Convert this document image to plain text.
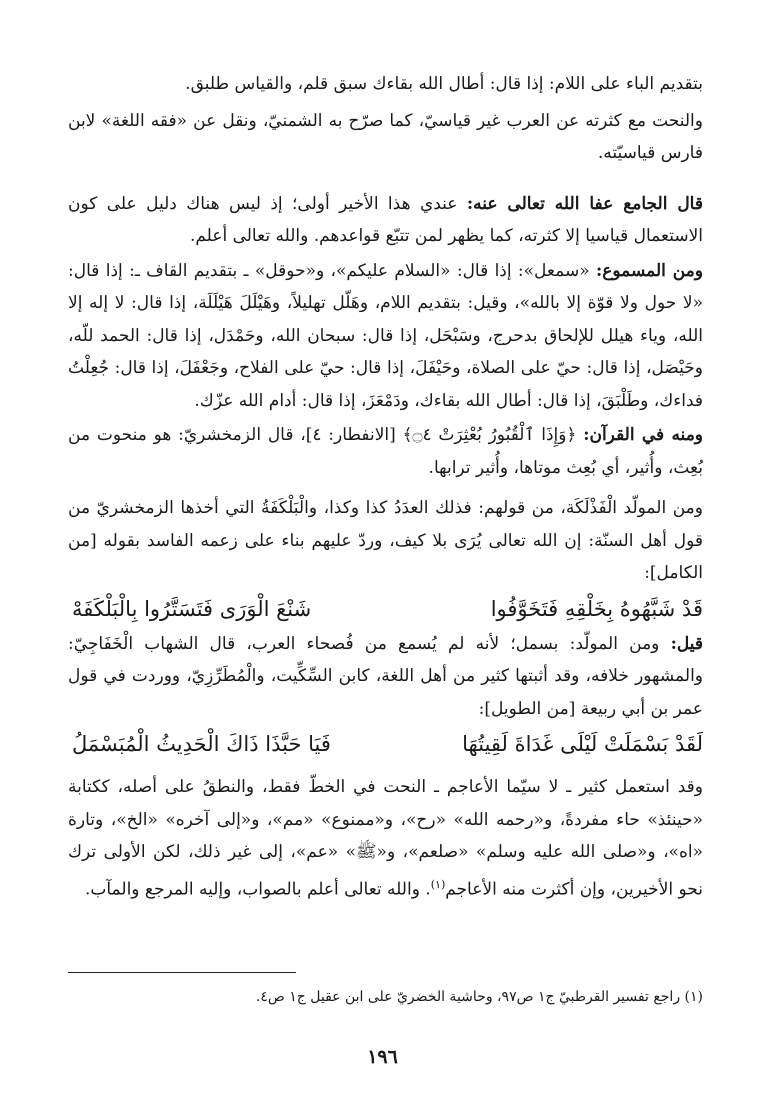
بتقديم الباء على اللام: إذا قال: أطال الله بقاءك سبق قلم، والقياس طلبق.

والنحت مع كثرته عن العرب غير قياسيّ، كما صرّح به الشمنيّ، ونقل عن «فقه اللغة» لابن فارس قياسيّته.

قال الجامع عفا الله تعالى عنه: عندي هذا الأخير أولى؛ إذ ليس هناك دليل على كون الاستعمال قياسيا إلا كثرته، كما يظهر لمن تتبّع قواعدهم. والله تعالى أعلم.

ومن المسموع: «سمعل»: إذا قال: «السلام عليكم»، و«حوقل» ـ بتقديم القاف ـ: إذا قال: «لا حول ولا قوّة إلا بالله»، وقيل: بتقديم اللام، وهَلّل تهليلاً، وهَيْلَلَ هَيْلَلَة، إذا قال: لا إله إلا الله، وياء هيلل للإلحاق بدحرج، وسَبْحَل، إذا قال: سبحان الله، وحَمْدَل، إذا قال: الحمد للّه، وحَيْصَل، إذا قال: حيّ على الصلاة، وحَيْفَلَ، إذا قال: حيّ على الفلاح، وجَعْفَلَ، إذا قال: جُعِلْتُ فداءك، وطَلْبَقَ، إذا قال: أطال الله بقاءك، ودَمْعَزَ، إذا قال: أدام الله عزّك.

ومنه في القرآن: ﴿وَإِذَا ٱلْقُبُورُ بُعْثِرَتْ ۝٤﴾ [الانفطار: ٤]، قال الزمخشريّ: هو منحوت من بُعِث، وأُثير، أي بُعِث موتاها، وأُثير ترابها.

ومن المولّد الْفَذْلَكَة، من قولهم: فذلك العدَدُ كذا وكذا، والْبَلْكَفَةُ التي أخذها الزمخشريّ من قول أهل السنّة: إن الله تعالى يُرَى بلا كيف، وردّ عليهم بناء على زعمه الفاسد بقوله [من الكامل]:

قَدْ شَبَّهُوهُ بِخَلْقِهِ فَتَخَوَّفُوا
شَنْعَ الْوَرَى فَتَسَتَّرُوا بِالْبَلْكَفَهْ

قيل: ومن المولّد: بسمل؛ لأنه لم يُسمع من فُصحاء العرب، قال الشهاب الْخَفَاجِيّ: والمشهور خلافه، وقد أثبتها كثير من أهل اللغة، كابن السِّكِّيت، والْمُطَرِّزِيّ، ووردت في قول عمر بن أبي ربيعة [من الطويل]:

لَقَدْ بَسْمَلَتْ لَيْلَى غَدَاةَ لَقِيتُهَا
فَيَا حَبَّذَا ذَاكَ الْحَدِيثُ الْمُبَسْمَلُ

وقد استعمل كثير ـ لا سيّما الأعاجم ـ النحت في الخطّ فقط، والنطقُ على أصله، ككتابة «حينئذ» حاء مفردةً، و«رحمه الله» «رح»، و«ممنوع» «مم»، و«إلى آخره» «الخ»، وتارة «اه»، و«صلى الله عليه وسلم» «صلعم»، و«ﷺ» «عم»، إلى غير ذلك، لكن الأولى ترك نحو الأخيرين، وإن أكثرت منه الأعاجم$^{(١)}$. والله تعالى أعلم بالصواب، وإليه المرجع والمآب.

(١) راجع تفسير القرطبيّ ج١ ص٩٧، وحاشية الخضريّ على ابن عقيل ج١ ص٤.

١٩٦
